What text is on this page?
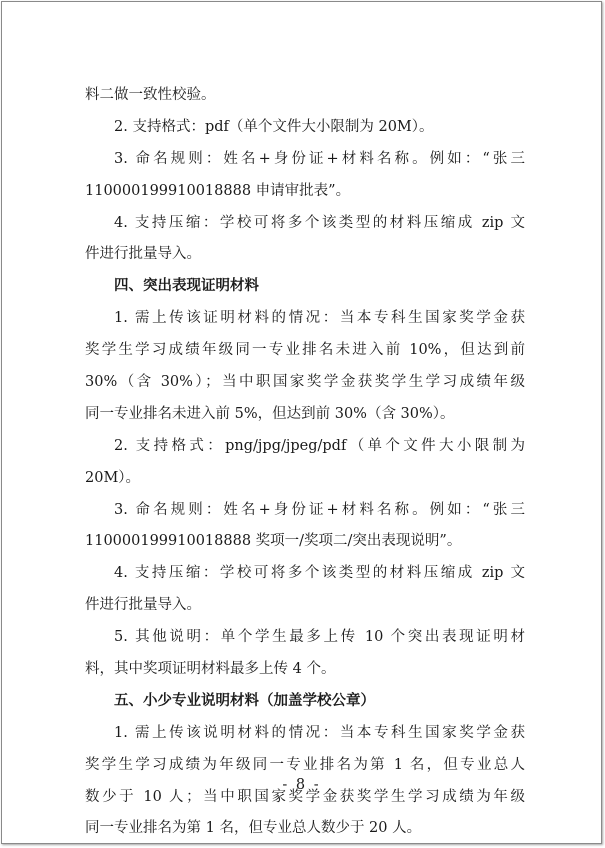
料二做一致性校验。
2. 支持格式：pdf（单个文件大小限制为 20M）。
3. 命名规则：姓名+身份证+材料名称。例如：“张三
110000199910018888 申请审批表”。
4. 支持压缩：学校可将多个该类型的材料压缩成 zip 文
件进行批量导入。
四、突出表现证明材料
1. 需上传该证明材料的情况：当本专科生国家奖学金获
奖学生学习成绩年级同一专业排名未进入前 10%，但达到前
30%（含 30%）；当中职国家奖学金获奖学生学习成绩年级
同一专业排名未进入前 5%，但达到前 30%（含 30%）。
2. 支持格式：png/jpg/jpeg/pdf（单个文件大小限制为
20M）。
3. 命名规则：姓名+身份证+材料名称。例如：“张三
110000199910018888 奖项一/奖项二/突出表现说明”。
4. 支持压缩：学校可将多个该类型的材料压缩成 zip 文
件进行批量导入。
5. 其他说明：单个学生最多上传 10 个突出表现证明材
料，其中奖项证明材料最多上传 4 个。
五、小少专业说明材料（加盖学校公章）
1. 需上传该说明材料的情况：当本专科生国家奖学金获
奖学生学习成绩为年级同一专业排名为第 1 名，但专业总人
数少于 10 人；当中职国家奖学金获奖学生学习成绩为年级
同一专业排名为第 1 名，但专业总人数少于 20 人。
- 8 -
